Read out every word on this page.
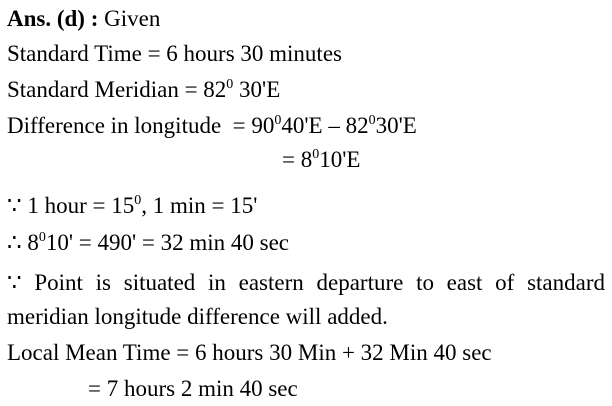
Ans. (d) : Given
Standard Time = 6 hours 30 minutes
Standard Meridian = $82^0$ 30'E
Difference in longitude  = $90^040'E - 82^030'E$
= $8^010'E$
∵ 1 hour = $15^0$, 1 min = 15'
∴ $8^010' = 490' = 32$ min 40 sec
∵ Point is situated in eastern departure to east of standard meridian longitude difference will added.
Local Mean Time = 6 hours 30 Min + 32 Min 40 sec
= 7 hours 2 min 40 sec
